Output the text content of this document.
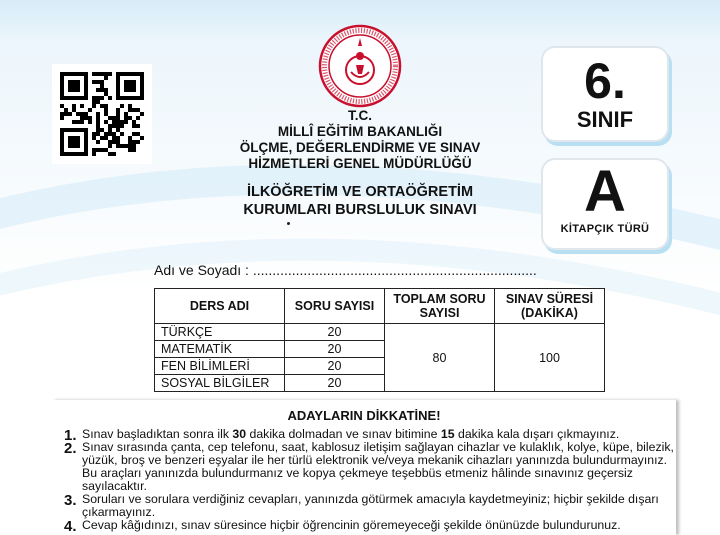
T.C.
MİLLÎ EĞİTİM BAKANLIĞI
ÖLÇME, DEĞERLENDİRME VE SINAV
HİZMETLERİ GENEL MÜDÜRLÜĞÜ
İLKÖĞRETİM VE ORTAÖĞRETİM
KURUMLARI BURSLULUK SINAVI
6.
SINIF
A
KİTAPÇIK TÜRÜ
Adı ve Soyadı : .........................................................................
DERS ADI	SORU SAYISI	TOPLAM SORU SAYISI	SINAV SÜRESİ (DAKİKA)
TÜRKÇE	20	80	100
MATEMATİK	20		
FEN BİLİMLERİ	20		
SOSYAL BİLGİLER	20		
ADAYLARIN DİKKATİNE!
1. Sınav başladıktan sonra ilk 30 dakika dolmadan ve sınav bitimine 15 dakika kala dışarı çıkmayınız.
2. Sınav sırasında çanta, cep telefonu, saat, kablosuz iletişim sağlayan cihazlar ve kulaklık, kolye, küpe, bilezik, yüzük, broş ve benzeri eşyalar ile her türlü elektronik ve/veya mekanik cihazları yanınızda bulundurmayınız. Bu araçları yanınızda bulundurmanız ve kopya çekmeye teşebbüs etmeniz hâlinde sınavınız geçersiz sayılacaktır.
3. Soruları ve sorulara verdiğiniz cevapları, yanınızda götürmek amacıyla kaydetmeyiniz; hiçbir şekilde dışarı çıkarmayınız.
4. Cevap kâğıdınızı, sınav süresince hiçbir öğrencinin göremeyeceği şekilde önünüzde bulundurunuz.
